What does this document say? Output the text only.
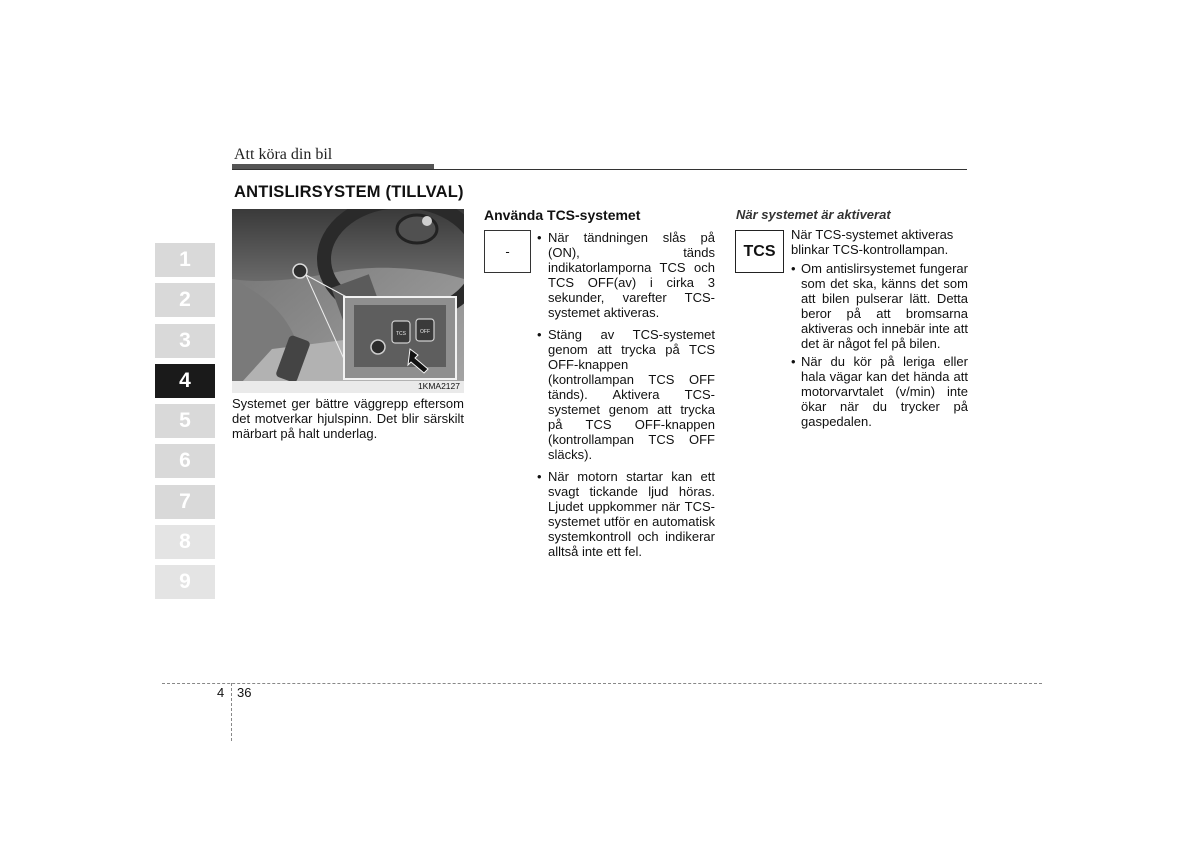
Att köra din bil
ANTISLIRSYSTEM (TILLVAL)
1
2
3
4
5
6
7
8
9
TCS	OFF
1KMA2127
Systemet ger bättre väggrepp eftersom det motverkar hjulspinn. Det blir särskilt märbart på halt underlag.
Använda TCS-systemet
-
• När tändningen slås på (ON), tänds indikatorlamporna TCS och TCS OFF(av) i cirka 3 sekunder, varefter TCS-systemet aktiveras.
• Stäng av TCS-systemet genom att trycka på TCS OFF-knappen (kontrollampan TCS OFF tänds). Aktivera TCS-systemet genom att trycka på TCS OFF-knappen (kontrollampan TCS OFF släcks).
• När motorn startar kan ett svagt tickande ljud höras. Ljudet uppkommer när TCS-systemet utför en automatisk systemkontroll och indikerar alltså inte ett fel.
När systemet är aktiverat
TCS
När TCS-systemet aktiveras blinkar TCS-kontrollampan.
• Om antislirsystemet fungerar som det ska, känns det som att bilen pulserar lätt. Detta beror på att bromsarna aktiveras och innebär inte att det är något fel på bilen.
• När du kör på leriga eller hala vägar kan det hända att motorvarvtalet (v/min) inte ökar när du trycker på gaspedalen.
4 36
